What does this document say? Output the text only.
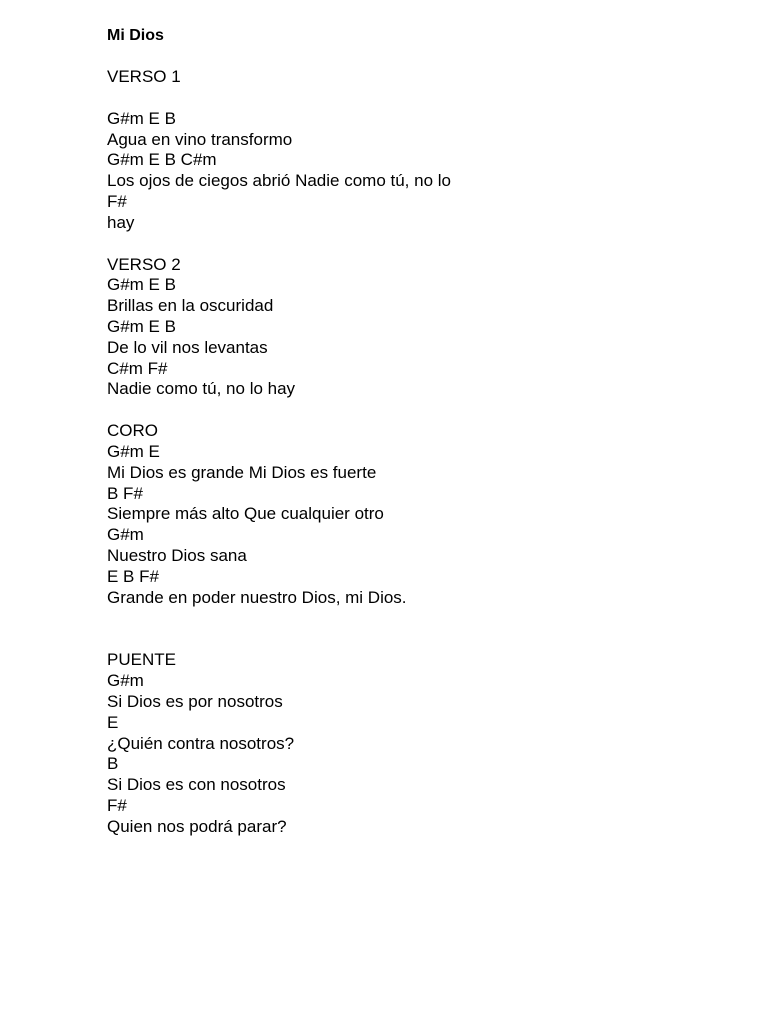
Mi Dios
VERSO 1
G#m E B
Agua en vino transformo
G#m E B C#m
Los ojos de ciegos abrió Nadie como tú, no lo
F#
hay
VERSO 2
G#m E B
Brillas en la oscuridad
G#m E B
De lo vil nos levantas
C#m F#
Nadie como tú, no lo hay
CORO
G#m E
Mi Dios es grande Mi Dios es fuerte
B F#
Siempre más alto Que cualquier otro
G#m
Nuestro Dios sana
E B F#
Grande en poder nuestro Dios, mi Dios.
PUENTE
G#m
Si Dios es por nosotros
E
¿Quién contra nosotros?
B
Si Dios es con nosotros
F#
Quien nos podrá parar?
